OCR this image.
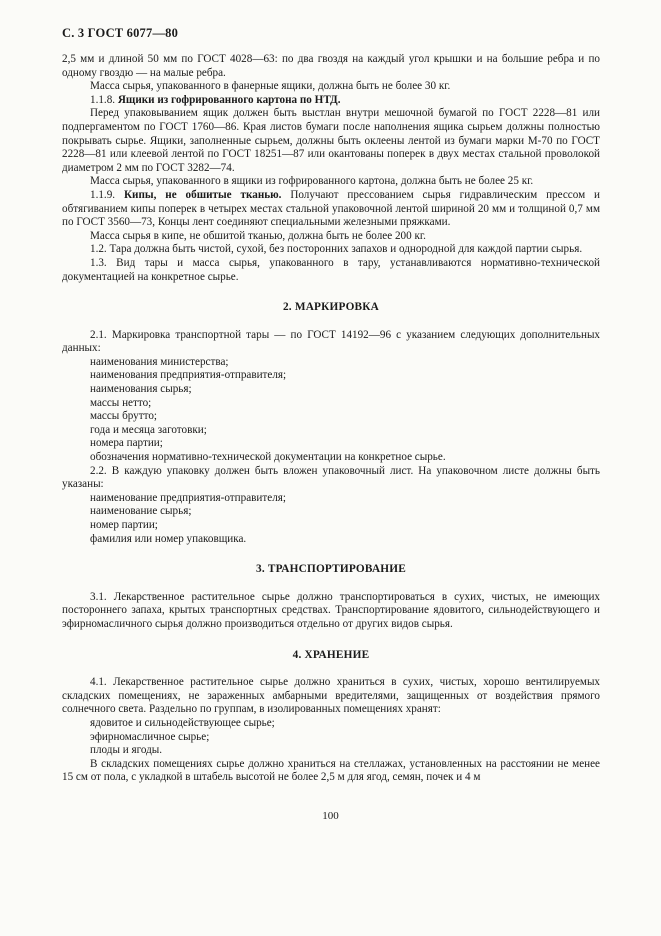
С. 3 ГОСТ 6077—80

2,5 мм и длиной 50 мм по ГОСТ 4028—63: по два гвоздя на каждый угол крышки и на большие ребра и по одному гвоздю — на малые ребра.

Масса сырья, упакованного в фанерные ящики, должна быть не более 30 кг.

1.1.8. Ящики из гофрированного картона по НТД.

Перед упаковыванием ящик должен быть выстлан внутри мешочной бумагой по ГОСТ 2228—81 или подпергаментом по ГОСТ 1760—86. Края листов бумаги после наполнения ящика сырьем должны полностью покрывать сырье. Ящики, заполненные сырьем, должны быть оклеены лентой из бумаги марки М-70 по ГОСТ 2228—81 или клеевой лентой по ГОСТ 18251—87 или окантованы поперек в двух местах стальной проволокой диаметром 2 мм по ГОСТ 3282—74.

Масса сырья, упакованного в ящики из гофрированного картона, должна быть не более 25 кг.

1.1.9. Кипы, не обшитые тканью. Получают прессованием сырья гидравлическим прессом и обтягиванием кипы поперек в четырех местах стальной упаковочной лентой шириной 20 мм и толщиной 0,7 мм по ГОСТ 3560—73, Концы лент соединяют специальными железными пряжками.

Масса сырья в кипе, не обшитой тканью, должна быть не более 200 кг.

1.2. Тара должна быть чистой, сухой, без посторонних запахов и однородной для каждой партии сырья.

1.3. Вид тары и масса сырья, упакованного в тару, устанавливаются нормативно-технической документацией на конкретное сырье.

2. МАРКИРОВКА

2.1. Маркировка транспортной тары — по ГОСТ 14192—96 с указанием следующих дополнительных данных:

наименования министерства;

наименования предприятия-отправителя;

наименования сырья;

массы нетто;

массы брутто;

года и месяца заготовки;

номера партии;

обозначения нормативно-технической документации на конкретное сырье.

2.2. В каждую упаковку должен быть вложен упаковочный лист. На упаковочном листе должны быть указаны:

наименование предприятия-отправителя;

наименование сырья;

номер партии;

фамилия или номер упаковщика.

3. ТРАНСПОРТИРОВАНИЕ

3.1. Лекарственное растительное сырье должно транспортироваться в сухих, чистых, не имеющих постороннего запаха, крытых транспортных средствах. Транспортирование ядовитого, сильнодействующего и эфирномасличного сырья должно производиться отдельно от других видов сырья.

4. ХРАНЕНИЕ

4.1. Лекарственное растительное сырье должно храниться в сухих, чистых, хорошо вентилируемых складских помещениях, не зараженных амбарными вредителями, защищенных от воздействия прямого солнечного света. Раздельно по группам, в изолированных помещениях хранят:

ядовитое и сильнодействующее сырье;

эфирномасличное сырье;

плоды и ягоды.

В складских помещениях сырье должно храниться на стеллажах, установленных на расстоянии не менее 15 см от пола, с укладкой в штабель высотой не более 2,5 м для ягод, семян, почек и 4 м

100
